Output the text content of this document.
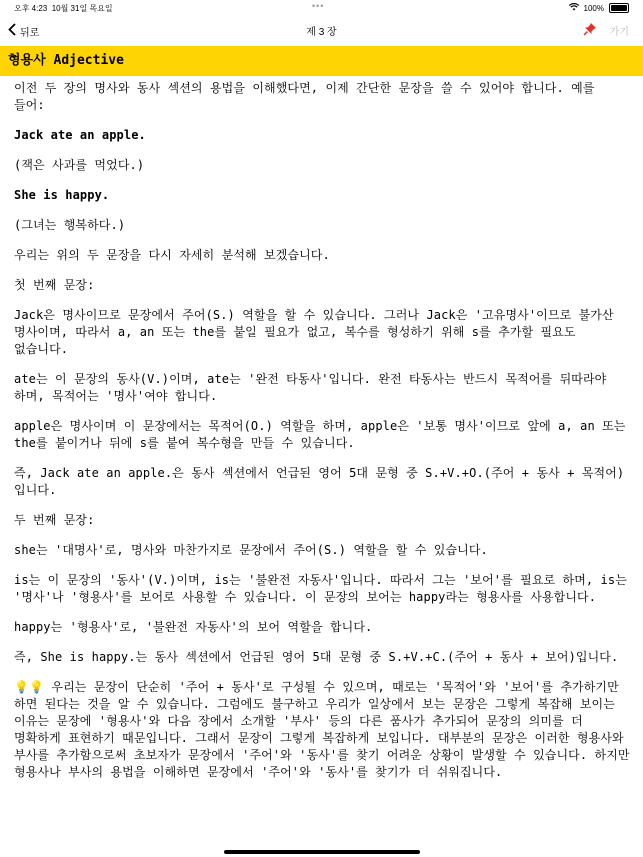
오후 4:23 10월 31일 목요일	•••	100%
뒤로	제 3 장	가기
형용사 Adjective

이전 두 장의 명사와 동사 섹션의 용법을 이해했다면, 이제 간단한 문장을 쓸 수 있어야 합니다. 예를 들어:

Jack ate an apple.

(잭은 사과를 먹었다.)

She is happy.

(그녀는 행복하다.)

우리는 위의 두 문장을 다시 자세히 분석해 보겠습니다.

첫 번째 문장:

Jack은 명사이므로 문장에서 주어(S.) 역할을 할 수 있습니다. 그러나 Jack은 '고유명사'이므로 불가산 명사이며, 따라서 a, an 또는 the를 붙일 필요가 없고, 복수를 형성하기 위해 s를 추가할 필요도 없습니다.

ate는 이 문장의 동사(V.)이며, ate는 '완전 타동사'입니다. 완전 타동사는 반드시 목적어를 뒤따라야 하며, 목적어는 '명사'여야 합니다.

apple은 명사이며 이 문장에서는 목적어(O.) 역할을 하며, apple은 '보통 명사'이므로 앞에 a, an 또는 the를 붙이거나 뒤에 s를 붙여 복수형을 만들 수 있습니다.

즉, Jack ate an apple.은 동사 섹션에서 언급된 영어 5대 문형 중 S.+V.+O.(주어 + 동사 + 목적어)입니다.

두 번째 문장:

she는 '대명사'로, 명사와 마찬가지로 문장에서 주어(S.) 역할을 할 수 있습니다.

is는 이 문장의 '동사'(V.)이며, is는 '불완전 자동사'입니다. 따라서 그는 '보어'를 필요로 하며, is는 '명사'나 '형용사'를 보어로 사용할 수 있습니다. 이 문장의 보어는 happy라는 형용사를 사용합니다.

happy는 '형용사'로, '불완전 자동사'의 보어 역할을 합니다.

즉, She is happy.는 동사 섹션에서 언급된 영어 5대 문형 중 S.+V.+C.(주어 + 동사 + 보어)입니다.

💡💡 우리는 문장이 단순히 '주어 + 동사'로 구성될 수 있으며, 때로는 '목적어'와 '보어'를 추가하기만 하면 된다는 것을 알 수 있습니다. 그럼에도 불구하고 우리가 일상에서 보는 문장은 그렇게 복잡해 보이는 이유는 문장에 '형용사'와 다음 장에서 소개할 '부사' 등의 다른 품사가 추가되어 문장의 의미를 더 명확하게 표현하기 때문입니다. 그래서 문장이 그렇게 복잡하게 보입니다. 대부분의 문장은 이러한 형용사와 부사를 추가함으로써 초보자가 문장에서 '주어'와 '동사'를 찾기 어려운 상황이 발생할 수 있습니다. 하지만 형용사나 부사의 용법을 이해하면 문장에서 '주어'와 '동사'를 찾기가 더 쉬워집니다.
